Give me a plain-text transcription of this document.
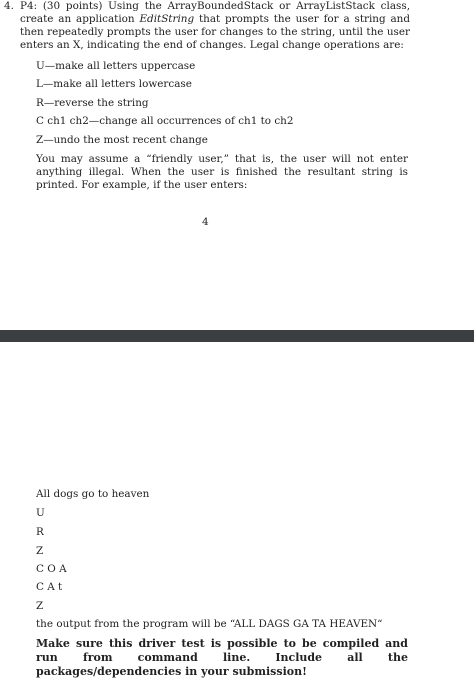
4. P4: (30 points) Using the ArrayBoundedStack or ArrayListStack class, create an application EditString that prompts the user for a string and then repeatedly prompts the user for changes to the string, until the user enters an X, indicating the end of changes. Legal change operations are:

U—make all letters uppercase

L—make all letters lowercase

R—reverse the string

C ch1 ch2—change all occurrences of ch1 to ch2

Z—undo the most recent change

You may assume a “friendly user,” that is, the user will not enter anything illegal. When the user is finished the resultant string is printed. For example, if the user enters:

4

All dogs go to heaven

U

R

Z

C O A

C A t

Z

the output from the program will be “ALL DAGS GA TA HEAVEN“

Make sure this driver test is possible to be compiled and run from command line. Include all the packages/dependencies in your submission!
